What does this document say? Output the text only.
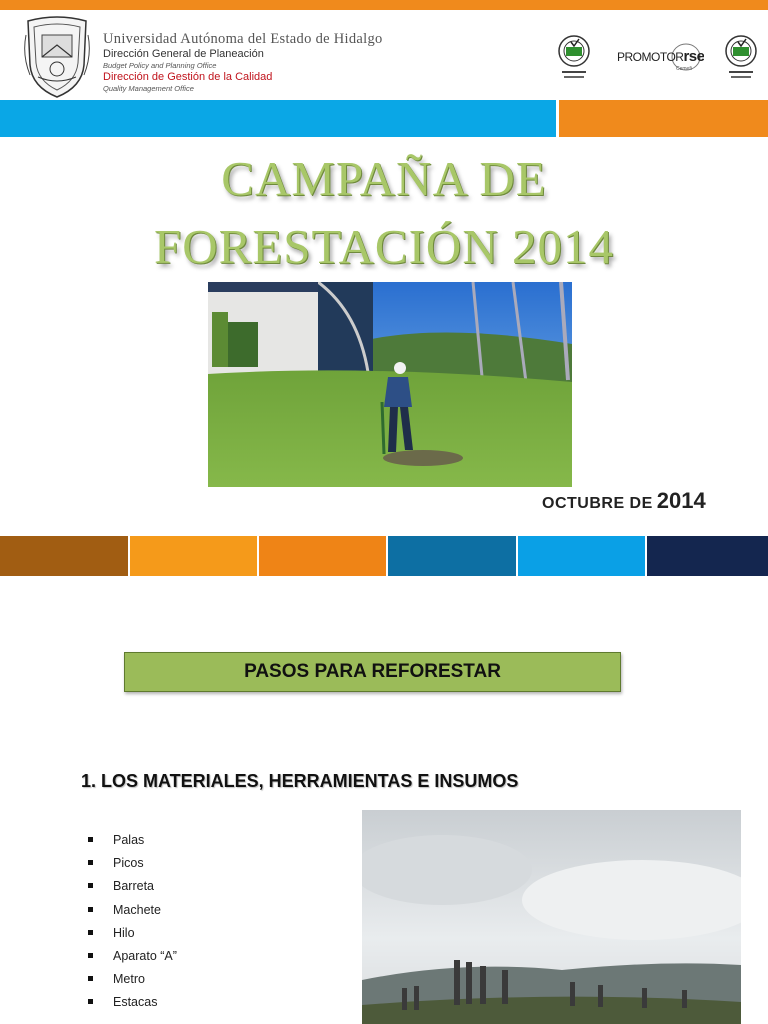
Universidad Autónoma del Estado de Hidalgo
Dirección General de Planeación
Budget Policy and Planning Office
Dirección de Gestión de la Calidad
Quality Management Office
PROMOTORrse
Cemefi
CAMPAÑA DE
FORESTACIÓN 2014
OCTUBRE DE 2014
PASOS PARA REFORESTAR
1. LOS MATERIALES, HERRAMIENTAS E INSUMOS
Palas
Picos
Barreta
Machete
Hilo
Aparato “A”
Metro
Estacas
